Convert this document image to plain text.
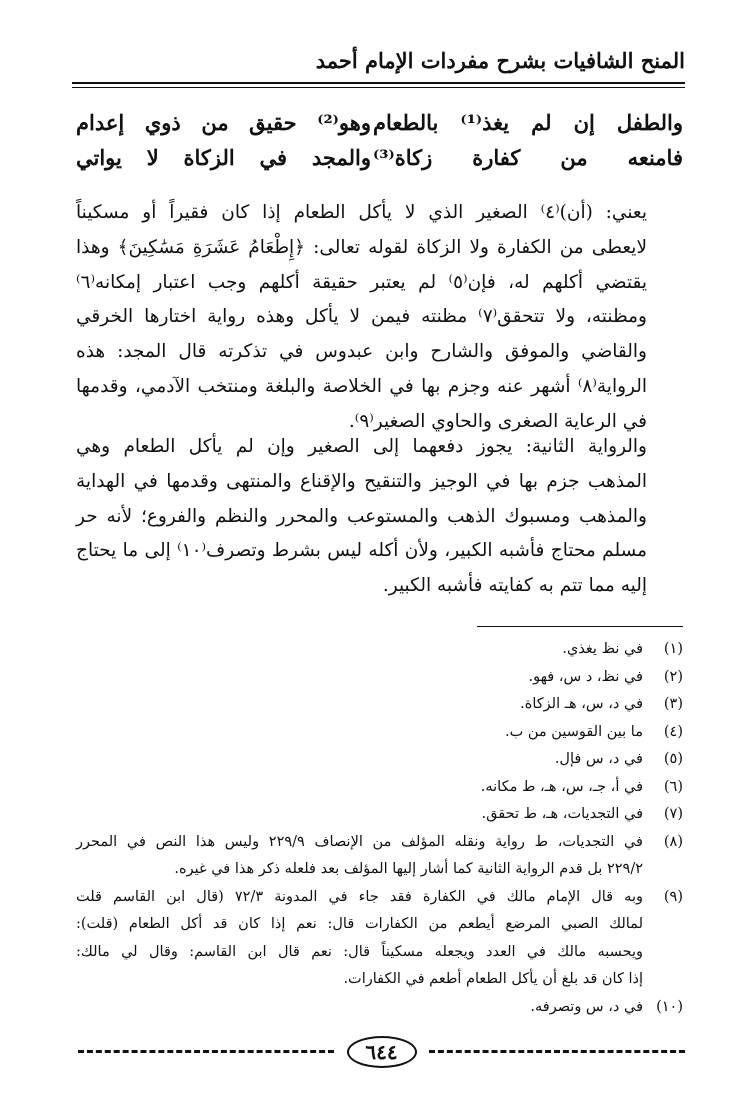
المنح الشافيات بشرح مفردات الإمام أحمد
والطفل إن لم يغذ⁽¹⁾ بالطعام
وهو⁽²⁾ حقيق من ذوي إعدام
فامنعه من كفارة زكاة⁽³⁾
والمجد في الزكاة لا يواتي
يعني: (أن)⁽٤⁾ الصغير الذي لا يأكل الطعام إذا كان فقيراً أو مسكيناً
لايعطى من الكفارة ولا الزكاة لقوله تعالى: ﴿إِطْعَامُ عَشَرَةِ مَسَٰكِينَ﴾ وهذا
يقتضي أكلهم له، فإن⁽٥⁾ لم يعتبر حقيقة أكلهم وجب اعتبار إمكانه⁽٦⁾
ومظنته، ولا تتحقق⁽٧⁾ مظنته فيمن لا يأكل وهذه رواية اختارها الخرقي
والقاضي والموفق والشارح وابن عبدوس في تذكرته قال المجد: هذه
الرواية⁽٨⁾ أشهر عنه وجزم بها في الخلاصة والبلغة ومنتخب الآدمي، وقدمها
في الرعاية الصغرى والحاوي الصغير⁽٩⁾.
والرواية الثانية: يجوز دفعهما إلى الصغير وإن لم يأكل الطعام وهي
المذهب جزم بها في الوجيز والتنقيح والإقناع والمنتهى وقدمها في الهداية
والمذهب ومسبوك الذهب والمستوعب والمحرر والنظم والفروع؛ لأنه حر
مسلم محتاج فأشبه الكبير، ولأن أكله ليس بشرط وتصرف⁽١٠⁾ إلى ما يحتاج
إليه مما تتم به كفايته فأشبه الكبير.
(١)
في نظ يغذي.
(٢)
في نظ، د س، فهو.
(٣)
في د، س، هـ الزكاة.
(٤)
ما بين القوسين من ب.
(٥)
في د، س فإل.
(٦)
في أ، جـ، س، هـ، ط مكانه.
(٧)
في التجديات، هـ، ط تحقق.
(٨)
في التجديات، ط رواية ونقله المؤلف من الإنصاف ٢٢٩/٩ وليس هذا النص في المحرر
٢٢٩/٢ بل قدم الرواية الثانية كما أشار إليها المؤلف بعد فلعله ذكر هذا في غيره.
(٩)
وبه قال الإمام مالك في الكفارة فقد جاء في المدونة ٧٢/٣ (قال ابن القاسم قلت
لمالك الصبي المرضع أيطعم من الكفارات قال: نعم إذا كان قد أكل الطعام (قلت):
ويحسبه مالك في العدد ويجعله مسكيناً قال: نعم قال ابن القاسم: وقال لي مالك:
إذا كان قد بلغ أن يأكل الطعام أطعم في الكفارات.
(١٠)
في د، س وتصرفه.
٦٤٤
